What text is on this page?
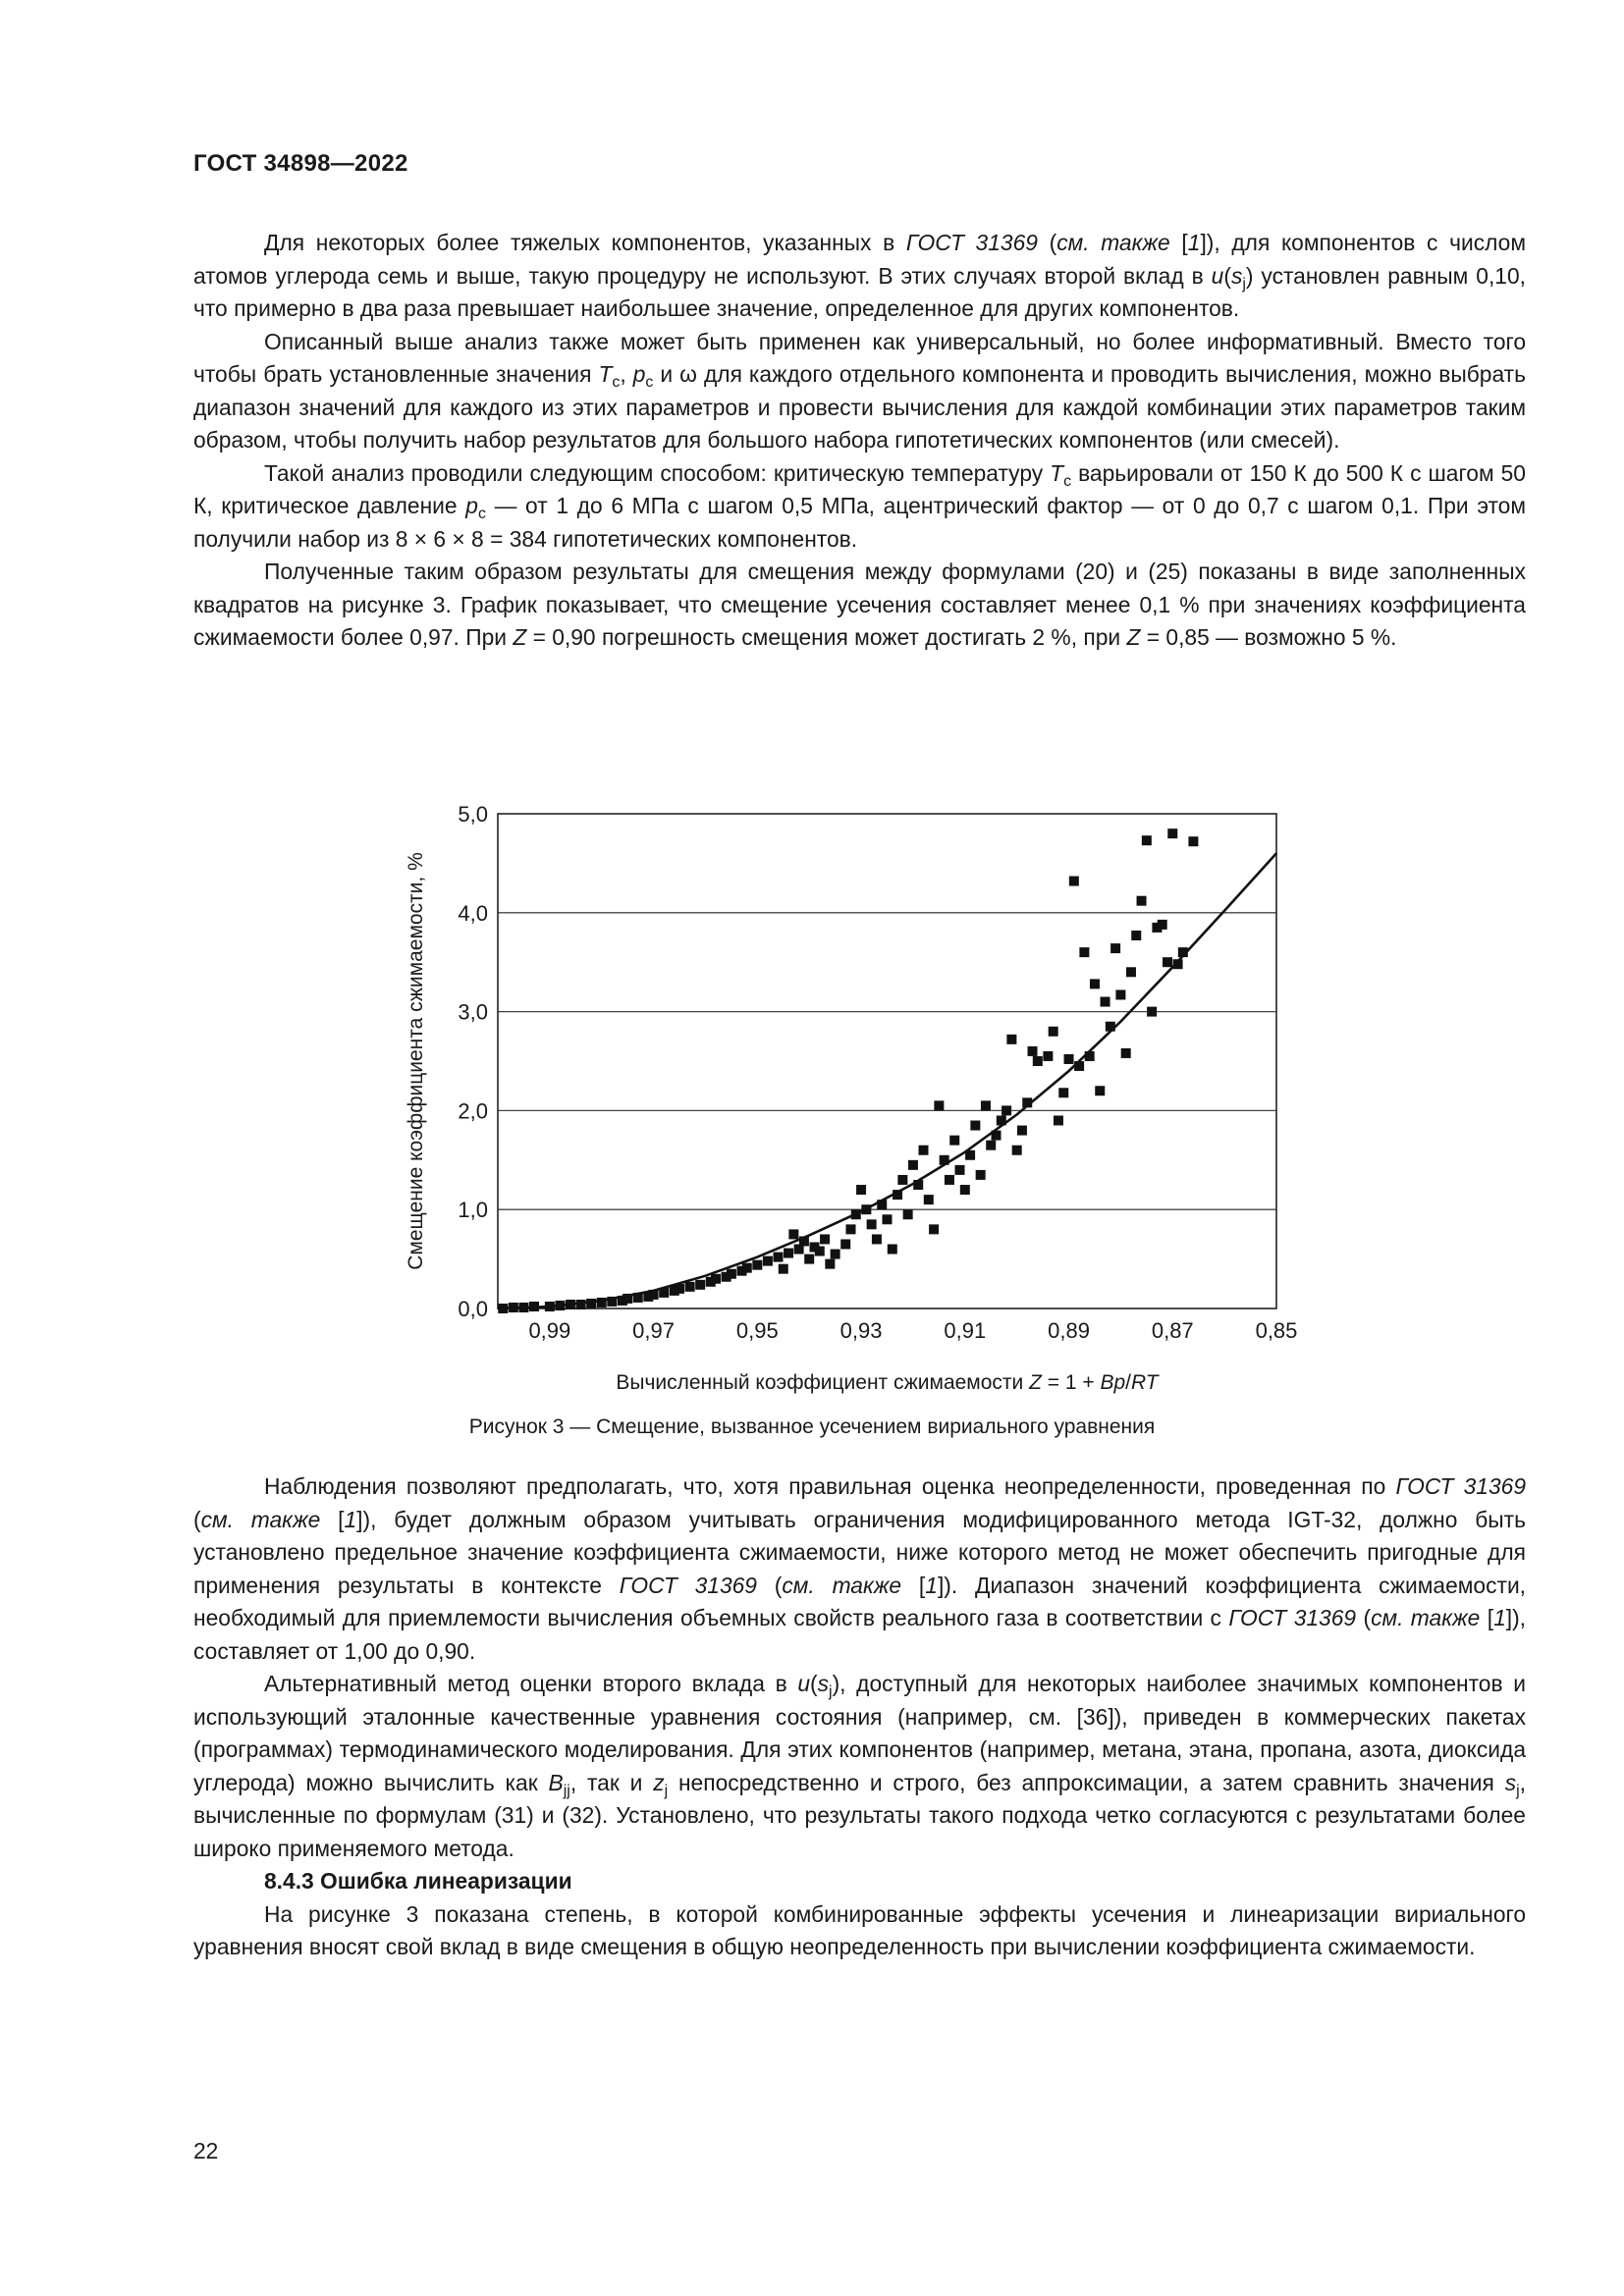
ГОСТ 34898—2022

Для некоторых более тяжелых компонентов, указанных в ГОСТ 31369 (см. также [1]), для компонентов с числом атомов углерода семь и выше, такую процедуру не используют. В этих случаях второй вклад в $u(s_j)$ установлен равным 0,10, что примерно в два раза превышает наибольшее значение, определенное для других компонентов.

Описанный выше анализ также может быть применен как универсальный, но более информативный. Вместо того чтобы брать установленные значения $T_c$, $p_c$ и ω для каждого отдельного компонента и проводить вычисления, можно выбрать диапазон значений для каждого из этих параметров и провести вычисления для каждой комбинации этих параметров таким образом, чтобы получить набор результатов для большого набора гипотетических компонентов (или смесей).

Такой анализ проводили следующим способом: критическую температуру $T_c$ варьировали от 150 К до 500 К с шагом 50 К, критическое давление $p_c$ — от 1 до 6 МПа с шагом 0,5 МПа, ацентрический фактор — от 0 до 0,7 с шагом 0,1. При этом получили набор из 8 × 6 × 8 = 384 гипотетических компонентов.

Полученные таким образом результаты для смещения между формулами (20) и (25) показаны в виде заполненных квадратов на рисунке 3. График показывает, что смещение усечения составляет менее 0,1 % при значениях коэффициента сжимаемости более 0,97. При Z = 0,90 погрешность смещения может достигать 2 %, при Z = 0,85 — возможно 5 %.

0,0
1,0
2,0
3,0
4,0
5,0
0,99	0,97	0,95	0,93	0,91	0,89	0,87	0,85
Смещение коэффициента сжимаемости, %
Вычисленный коэффициент сжимаемости Z = 1 + Bp/RT
Рисунок 3 — Смещение, вызванное усечением вириального уравнения

Наблюдения позволяют предполагать, что, хотя правильная оценка неопределенности, проведенная по ГОСТ 31369 (см. также [1]), будет должным образом учитывать ограничения модифицированного метода IGT-32, должно быть установлено предельное значение коэффициента сжимаемости, ниже которого метод не может обеспечить пригодные для применения результаты в контексте ГОСТ 31369 (см. также [1]). Диапазон значений коэффициента сжимаемости, необходимый для приемлемости вычисления объемных свойств реального газа в соответствии с ГОСТ 31369 (см. также [1]), составляет от 1,00 до 0,90.

Альтернативный метод оценки второго вклада в $u(s_j)$, доступный для некоторых наиболее значимых компонентов и использующий эталонные качественные уравнения состояния (например, см. [36]), приведен в коммерческих пакетах (программах) термодинамического моделирования. Для этих компонентов (например, метана, этана, пропана, азота, диоксида углерода) можно вычислить как $B_{jj}$, так и $z_j$ непосредственно и строго, без аппроксимации, а затем сравнить значения $s_j$, вычисленные по формулам (31) и (32). Установлено, что результаты такого подхода четко согласуются с результатами более широко применяемого метода.

8.4.3 Ошибка линеаризации

На рисунке 3 показана степень, в которой комбинированные эффекты усечения и линеаризации вириального уравнения вносят свой вклад в виде смещения в общую неопределенность при вычислении коэффициента сжимаемости.

22
